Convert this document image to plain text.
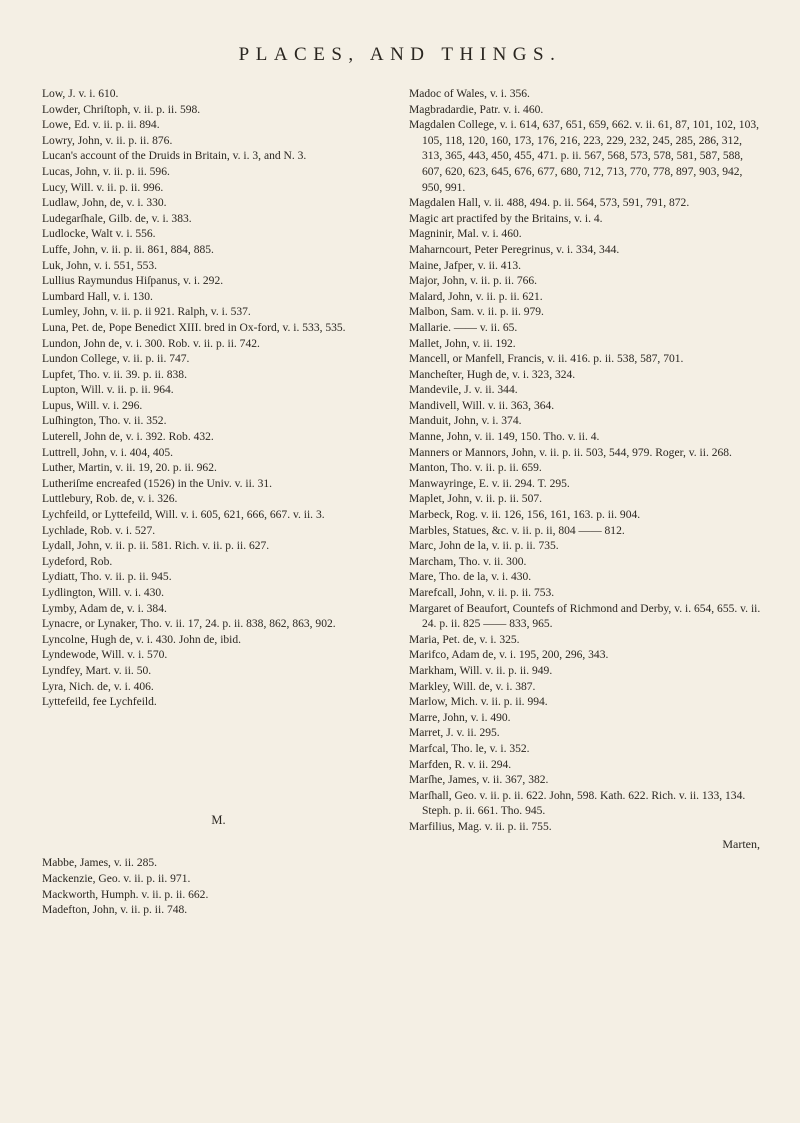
PLACES, AND THINGS.

Low, J. v. i. 610.

Lowder, Chriſtoph, v. ii. p. ii. 598.

Lowe, Ed. v. ii. p. ii. 894.

Lowry, John, v. ii. p. ii. 876.

Lucan's account of the Druids in Britain, v. i. 3, and N. 3.

Lucas, John, v. ii. p. ii. 596.

Lucy, Will. v. ii. p. ii. 996.

Ludlaw, John, de, v. i. 330.

Ludegarſhale, Gilb. de, v. i. 383.

Ludlocke, Walt v. i. 556.

Luffe, John, v. ii. p. ii. 861, 884, 885.

Luk, John, v. i. 551, 553.

Lullius Raymundus Hiſpanus, v. i. 292.

Lumbard Hall, v. i. 130.

Lumley, John, v. ii. p. ii 921. Ralph, v. i. 537.

Luna, Pet. de, Pope Benedict XIII. bred in Ox-ford, v. i. 533, 535.

Lundon, John de, v. i. 300. Rob. v. ii. p. ii. 742.

Lundon College, v. ii. p. ii. 747.

Lupfet, Tho. v. ii. 39. p. ii. 838.

Lupton, Will. v. ii. p. ii. 964.

Lupus, Will. v. i. 296.

Luſhington, Tho. v. ii. 352.

Luterell, John de, v. i. 392. Rob. 432.

Luttrell, John, v. i. 404, 405.

Luther, Martin, v. ii. 19, 20. p. ii. 962.

Lutheriſme encreafed (1526) in the Univ. v. ii. 31.

Luttlebury, Rob. de, v. i. 326.

Lychfeild, or Lyttefeild, Will. v. i. 605, 621, 666, 667. v. ii. 3.

Lychlade, Rob. v. i. 527.

Lydall, John, v. ii. p. ii. 581. Rich. v. ii. p. ii. 627.

Lydeford, Rob.

Lydiatt, Tho. v. ii. p. ii. 945.

Lydlington, Will. v. i. 430.

Lymby, Adam de, v. i. 384.

Lynacre, or Lynaker, Tho. v. ii. 17, 24. p. ii. 838, 862, 863, 902.

Lyncolne, Hugh de, v. i. 430. John de, ibid.

Lyndewode, Will. v. i. 570.

Lyndfey, Mart. v. ii. 50.

Lyra, Nich. de, v. i. 406.

Lyttefeild, fee Lychfeild.

M.

Mabbe, James, v. ii. 285.

Mackenzie, Geo. v. ii. p. ii. 971.

Mackworth, Humph. v. ii. p. ii. 662.

Madefton, John, v. ii. p. ii. 748.

Madoc of Wales, v. i. 356.

Magbradardie, Patr. v. i. 460.

Magdalen College, v. i. 614, 637, 651, 659, 662. v. ii. 61, 87, 101, 102, 103, 105, 118, 120, 160, 173, 176, 216, 223, 229, 232, 245, 285, 286, 312, 313, 365, 443, 450, 455, 471. p. ii. 567, 568, 573, 578, 581, 587, 588, 607, 620, 623, 645, 676, 677, 680, 712, 713, 770, 778, 897, 903, 942, 950, 991.

Magdalen Hall, v. ii. 488, 494. p. ii. 564, 573, 591, 791, 872.

Magic art practifed by the Britains, v. i. 4.

Magninir, Mal. v. i. 460.

Maharncourt, Peter Peregrinus, v. i. 334, 344.

Maine, Jafper, v. ii. 413.

Major, John, v. ii. p. ii. 766.

Malard, John, v. ii. p. ii. 621.

Malbon, Sam. v. ii. p. ii. 979.

Mallarie. —— v. ii. 65.

Mallet, John, v. ii. 192.

Mancell, or Manfell, Francis, v. ii. 416. p. ii. 538, 587, 701.

Mancheſter, Hugh de, v. i. 323, 324.

Mandevile, J. v. ii. 344.

Mandivell, Will. v. ii. 363, 364.

Manduit, John, v. i. 374.

Manne, John, v. ii. 149, 150. Tho. v. ii. 4.

Manners or Mannors, John, v. ii. p. ii. 503, 544, 979. Roger, v. ii. 268.

Manton, Tho. v. ii. p. ii. 659.

Manwayringe, E. v. ii. 294. T. 295.

Maplet, John, v. ii. p. ii. 507.

Marbeck, Rog. v. ii. 126, 156, 161, 163. p. ii. 904.

Marbles, Statues, &c. v. ii. p. ii, 804 —— 812.

Marc, John de la, v. ii. p. ii. 735.

Marcham, Tho. v. ii. 300.

Mare, Tho. de la, v. i. 430.

Marefcall, John, v. ii. p. ii. 753.

Margaret of Beaufort, Countefs of Richmond and Derby, v. i. 654, 655. v. ii. 24. p. ii. 825 —— 833, 965.

Maria, Pet. de, v. i. 325.

Marifco, Adam de, v. i. 195, 200, 296, 343.

Markham, Will. v. ii. p. ii. 949.

Markley, Will. de, v. i. 387.

Marlow, Mich. v. ii. p. ii. 994.

Marre, John, v. i. 490.

Marret, J. v. ii. 295.

Marfcal, Tho. le, v. i. 352.

Marfden, R. v. ii. 294.

Marſhe, James, v. ii. 367, 382.

Marſhall, Geo. v. ii. p. ii. 622. John, 598. Kath. 622. Rich. v. ii. 133, 134. Steph. p. ii. 661. Tho. 945.

Marfilius, Mag. v. ii. p. ii. 755.

Marten,
